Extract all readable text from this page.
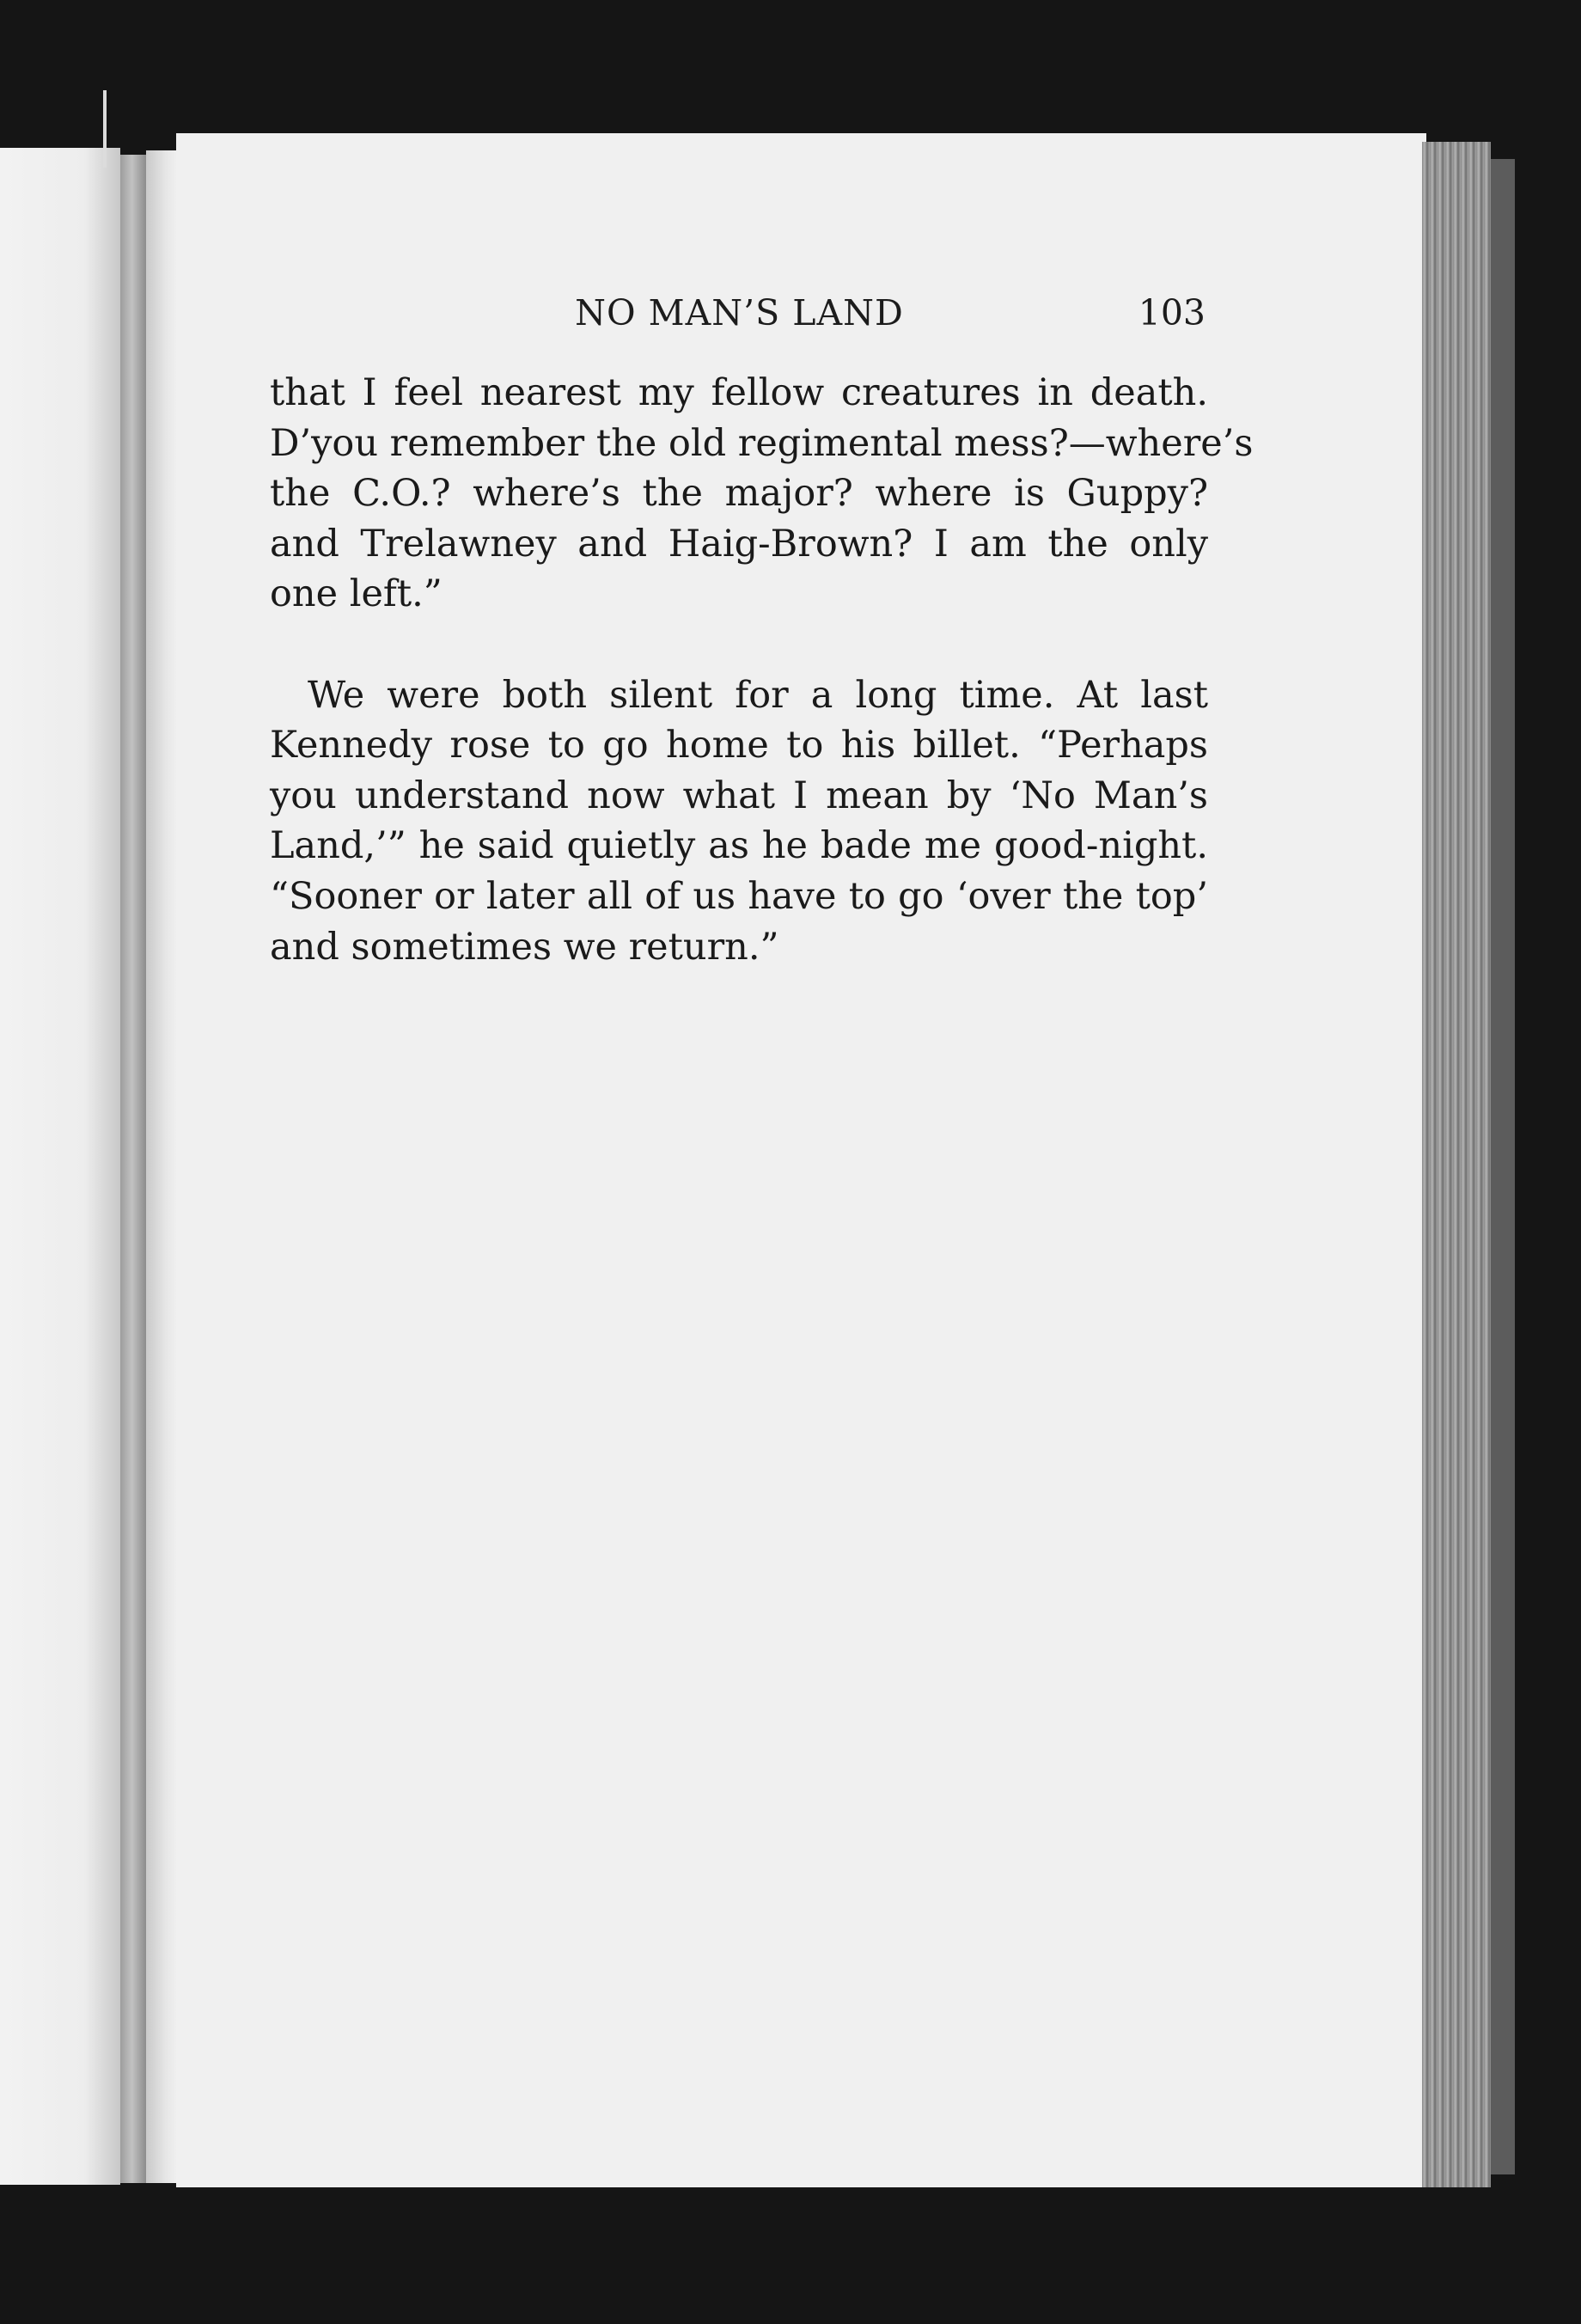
NO MAN’S LAND	103
that I feel nearest my fellow creatures in death.
D’you remember the old regimental mess?—where’s
the C.O.? where’s the major? where is Guppy?
and Trelawney and Haig-Brown? I am the only
one left.”
We were both silent for a long time. At last
Kennedy rose to go home to his billet. “Perhaps
you understand now what I mean by ‘No Man’s
Land,’” he said quietly as he bade me good-night.
“Sooner or later all of us have to go ‘over the top’
and sometimes we return.”
